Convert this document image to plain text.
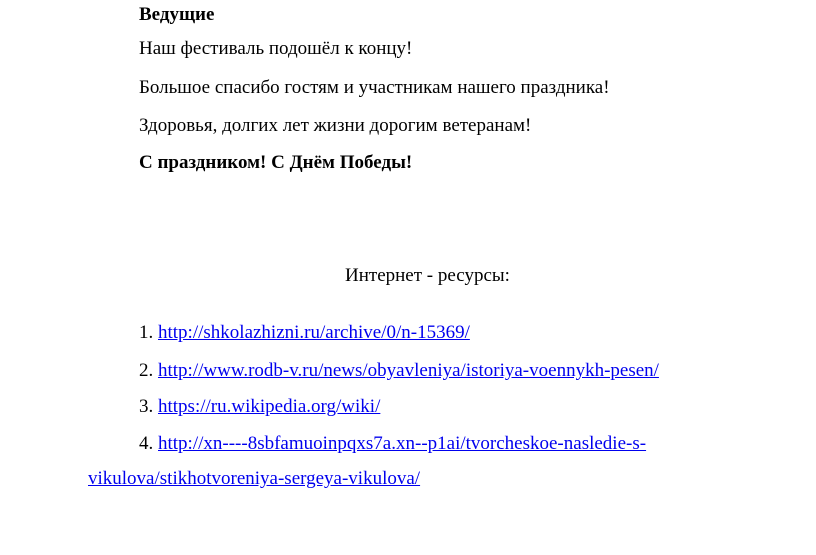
Ведущие
Наш фестиваль подошёл к концу!
Большое спасибо гостям и участникам нашего праздника!
Здоровья, долгих лет жизни дорогим ветеранам!
С праздником! С Днём Победы!
Интернет - ресурсы:
1. http://shkolazhizni.ru/archive/0/n-15369/
2. http://www.rodb-v.ru/news/obyavleniya/istoriya-voennykh-pesen/
3. https://ru.wikipedia.org/wiki/
4. http://xn----8sbfamuoinpqxs7a.xn--p1ai/tvorcheskoe-nasledie-s-
vikulova/stikhotvoreniya-sergeya-vikulova/
